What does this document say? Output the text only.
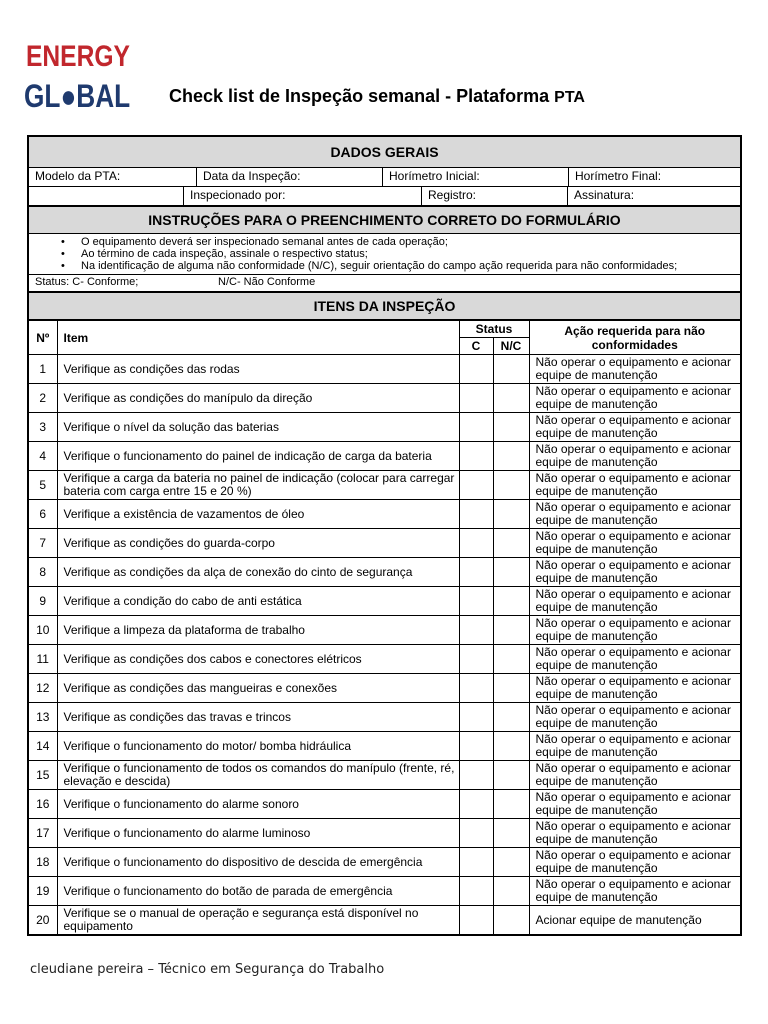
ENERGY
GL●BAL Check list de Inspeção semanal - Plataforma PTA
DADOS GERAIS
Modelo da PTA:	Data da Inspeção:	Horímetro Inicial:	Horímetro Final:
Inspecionado por:	Registro:	Assinatura:
INSTRUÇÕES PARA O PREENCHIMENTO CORRETO DO FORMULÁRIO
• O equipamento deverá ser inspecionado semanal antes de cada operação;
• Ao término de cada inspeção, assinale o respectivo status;
• Na identificação de alguma não conformidade (N/C), seguir orientação do campo ação requerida para não conformidades;
Status: C- Conforme;	N/C- Não Conforme
ITENS DA INSPEÇÃO
Nº	Item	Status		Ação requerida para não conformidades
		C	N/C	
1	Verifique as condições das rodas			Não operar o equipamento e acionar equipe de manutenção
2	Verifique as condições do manípulo da direção			Não operar o equipamento e acionar equipe de manutenção
3	Verifique o nível da solução das baterias			Não operar o equipamento e acionar equipe de manutenção
4	Verifique o funcionamento do painel de indicação de carga da bateria			Não operar o equipamento e acionar equipe de manutenção
5	Verifique a carga da bateria no painel de indicação (colocar para carregar bateria com carga entre 15 e 20 %)			Não operar o equipamento e acionar equipe de manutenção
6	Verifique a existência de vazamentos de óleo			Não operar o equipamento e acionar equipe de manutenção
7	Verifique as condições do guarda-corpo			Não operar o equipamento e acionar equipe de manutenção
8	Verifique as condições da alça de conexão do cinto de segurança			Não operar o equipamento e acionar equipe de manutenção
9	Verifique a condição do cabo de anti estática			Não operar o equipamento e acionar equipe de manutenção
10	Verifique a limpeza da plataforma de trabalho			Não operar o equipamento e acionar equipe de manutenção
11	Verifique as condições dos cabos e conectores elétricos			Não operar o equipamento e acionar equipe de manutenção
12	Verifique as condições das mangueiras e conexões			Não operar o equipamento e acionar equipe de manutenção
13	Verifique as condições das travas e trincos			Não operar o equipamento e acionar equipe de manutenção
14	Verifique o funcionamento do motor/ bomba hidráulica			Não operar o equipamento e acionar equipe de manutenção
15	Verifique o funcionamento de todos os comandos do manípulo (frente, ré, elevação e descida)			Não operar o equipamento e acionar equipe de manutenção
16	Verifique o funcionamento do alarme sonoro			Não operar o equipamento e acionar equipe de manutenção
17	Verifique o funcionamento do alarme luminoso			Não operar o equipamento e acionar equipe de manutenção
18	Verifique o funcionamento do dispositivo de descida de emergência			Não operar o equipamento e acionar equipe de manutenção
19	Verifique o funcionamento do botão de parada de emergência			Não operar o equipamento e acionar equipe de manutenção
20	Verifique se o manual de operação e segurança está disponível no equipamento			Acionar equipe de manutenção
cleudiane pereira – Técnico em Segurança do Trabalho
